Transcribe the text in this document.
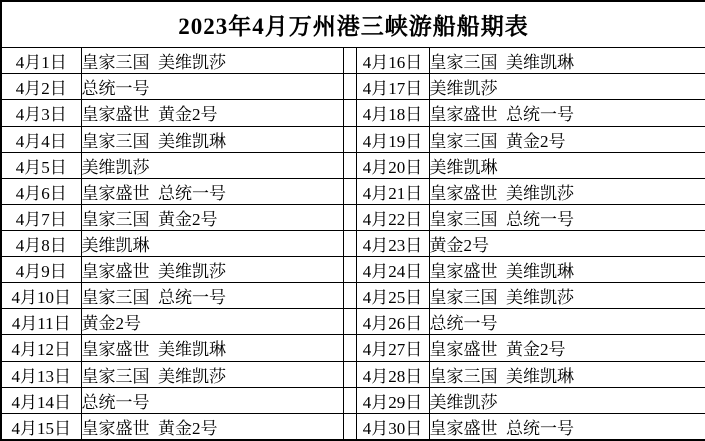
2023年4月万州港三峡游船船期表				
4月1日	皇家三国  美维凯莎		4月16日	皇家三国  美维凯琳
4月2日	总统一号		4月17日	美维凯莎
4月3日	皇家盛世  黄金2号		4月18日	皇家盛世  总统一号
4月4日	皇家三国  美维凯琳		4月19日	皇家三国  黄金2号
4月5日	美维凯莎		4月20日	美维凯琳
4月6日	皇家盛世  总统一号		4月21日	皇家盛世  美维凯莎
4月7日	皇家三国  黄金2号		4月22日	皇家三国  总统一号
4月8日	美维凯琳		4月23日	黄金2号
4月9日	皇家盛世  美维凯莎		4月24日	皇家盛世  美维凯琳
4月10日	皇家三国  总统一号		4月25日	皇家三国  美维凯莎
4月11日	黄金2号		4月26日	总统一号
4月12日	皇家盛世  美维凯琳		4月27日	皇家盛世  黄金2号
4月13日	皇家三国  美维凯莎		4月28日	皇家三国  美维凯琳
4月14日	总统一号		4月29日	美维凯莎
4月15日	皇家盛世  黄金2号		4月30日	皇家盛世  总统一号
